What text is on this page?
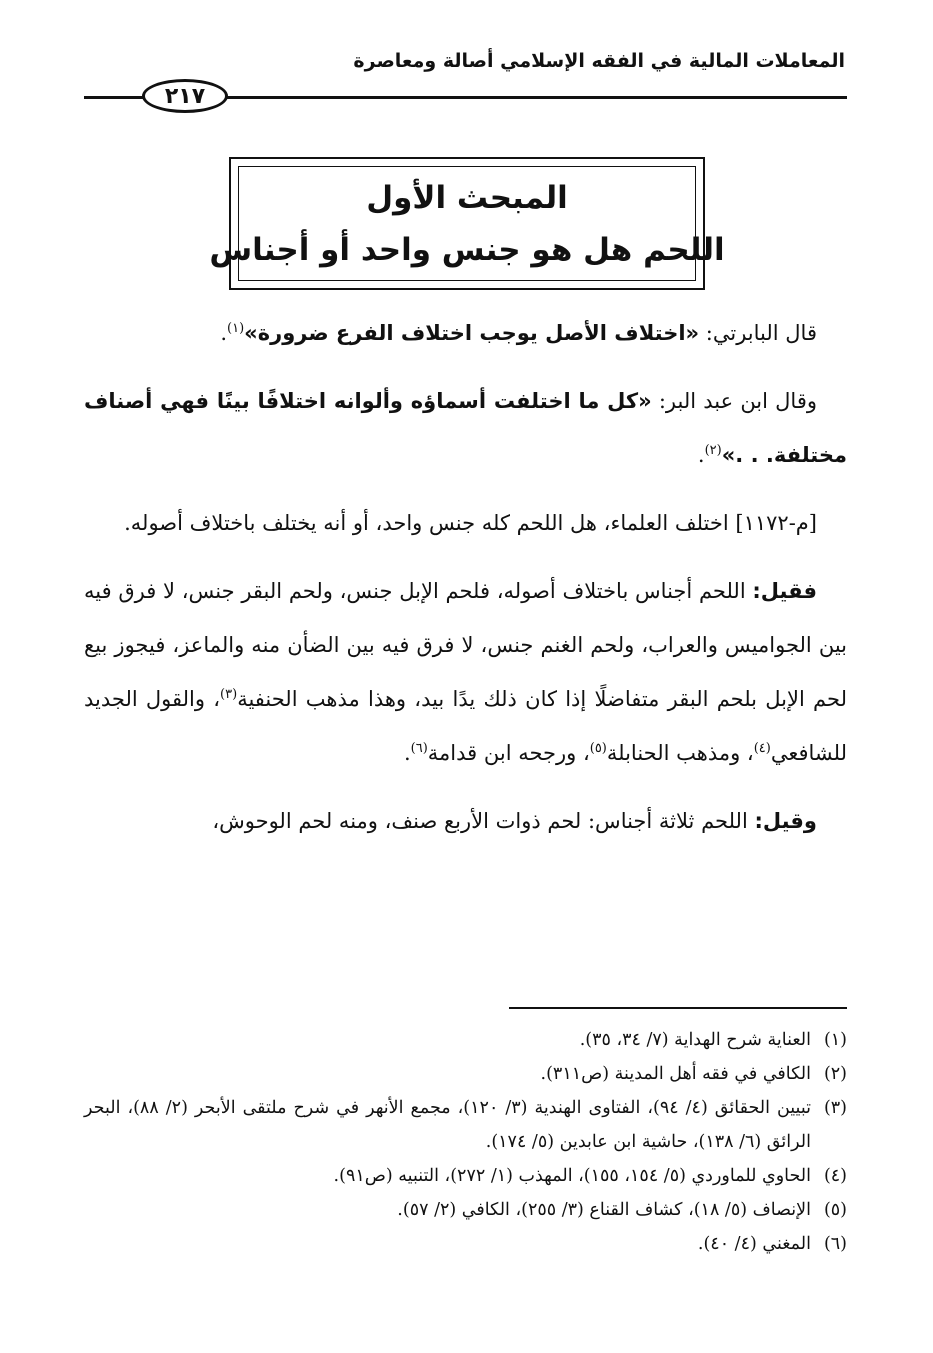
المعاملات المالية في الفقه الإسلامي أصالة ومعاصرة
٢١٧
المبحث الأول
اللحم هل هو جنس واحد أو أجناس

قال البابرتي: «اختلاف الأصل يوجب اختلاف الفرع ضرورة»$^{(١)}$.

وقال ابن عبد البر: «كل ما اختلفت أسماؤه وألوانه اختلافًا بينًا فهي أصناف مختلفة. . .»$^{(٢)}$.

[م-١١٧٢] اختلف العلماء، هل اللحم كله جنس واحد، أو أنه يختلف باختلاف أصوله.

فقيل: اللحم أجناس باختلاف أصوله، فلحم الإبل جنس، ولحم البقر جنس، لا فرق فيه بين الجواميس والعراب، ولحم الغنم جنس، لا فرق فيه بين الضأن منه والماعز، فيجوز بيع لحم الإبل بلحم البقر متفاضلًا إذا كان ذلك يدًا بيد، وهذا مذهب الحنفية$^{(٣)}$، والقول الجديد للشافعي$^{(٤)}$، ومذهب الحنابلة$^{(٥)}$، ورجحه ابن قدامة$^{(٦)}$.

وقيل: اللحم ثلاثة أجناس: لحم ذوات الأربع صنف، ومنه لحم الوحوش،

(١)
العناية شرح الهداية (٧/ ٣٤، ٣٥).
(٢)
الكافي في فقه أهل المدينة (ص٣١١).
(٣)
تبيين الحقائق (٤/ ٩٤)، الفتاوى الهندية (٣/ ١٢٠)، مجمع الأنهر في شرح ملتقى الأبحر (٢/ ٨٨)، البحر الرائق (٦/ ١٣٨)، حاشية ابن عابدين (٥/ ١٧٤).
(٤)
الحاوي للماوردي (٥/ ١٥٤، ١٥٥)، المهذب (١/ ٢٧٢)، التنبيه (ص٩١).
(٥)
الإنصاف (٥/ ١٨)، كشاف القناع (٣/ ٢٥٥)، الكافي (٢/ ٥٧).
(٦)
المغني (٤/ ٤٠).
